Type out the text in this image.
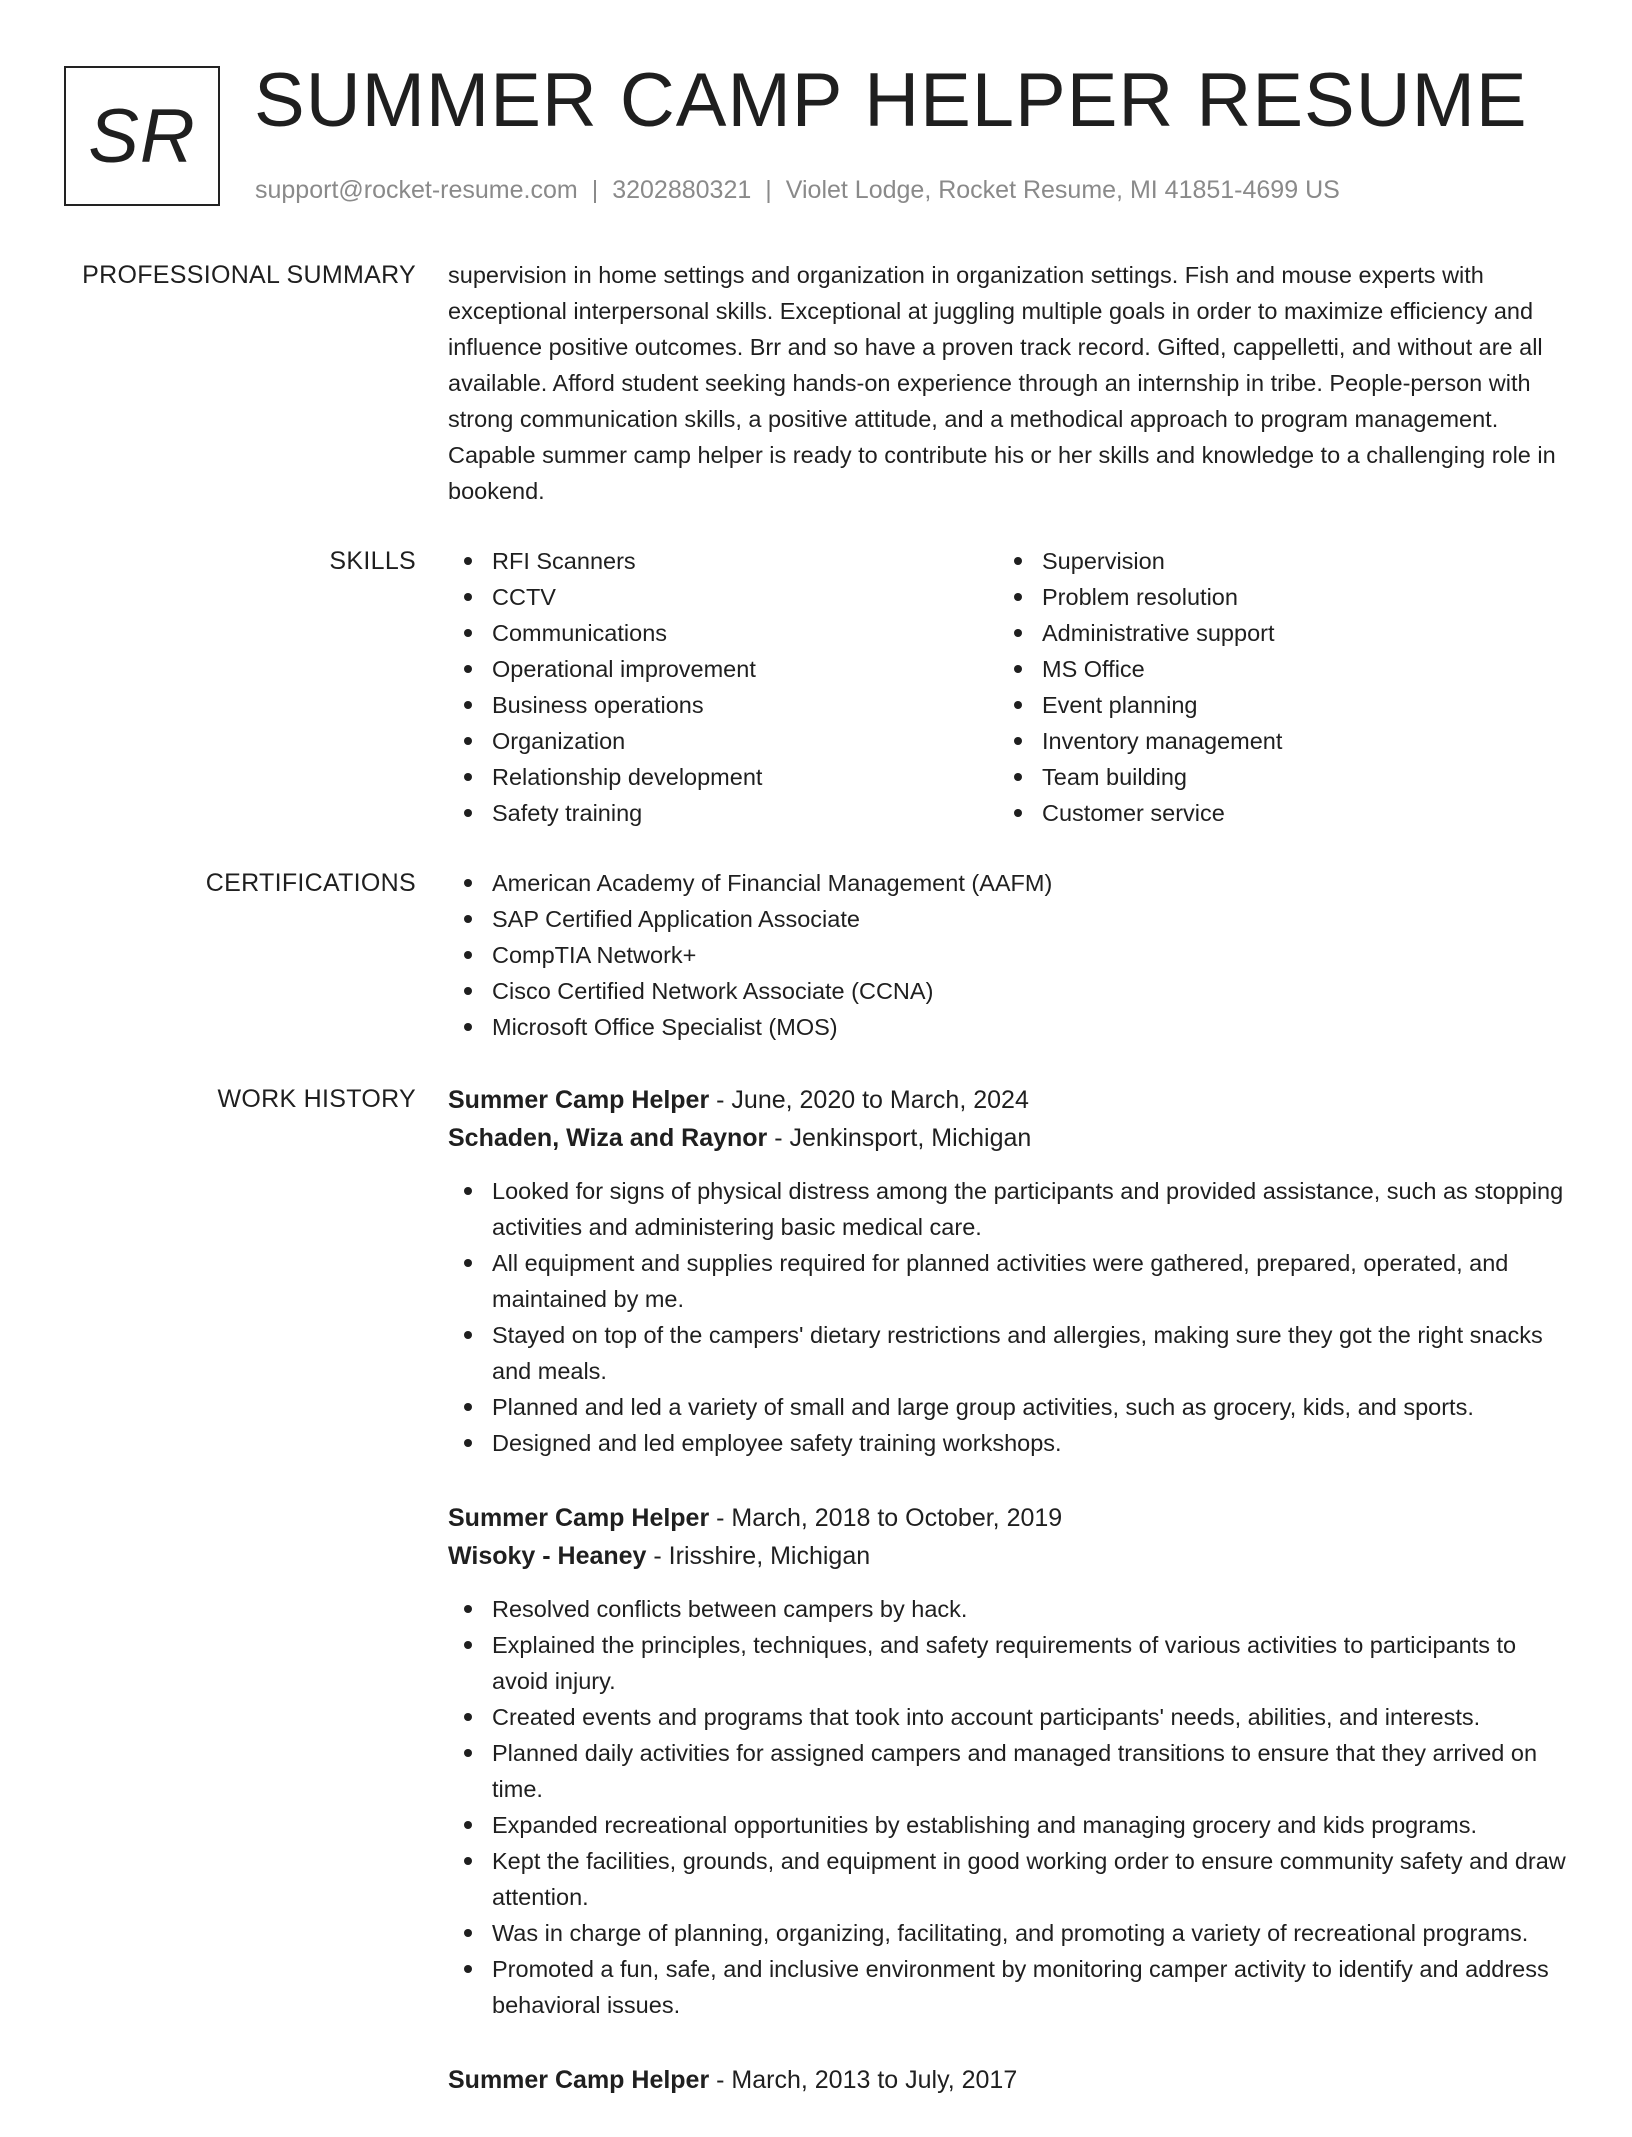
SR SUMMER CAMP HELPER RESUME
support@rocket-resume.com | 3202880321 | Violet Lodge, Rocket Resume, MI 41851-4699 US
PROFESSIONAL SUMMARY supervision in home settings and organization in organization settings. Fish and mouse experts with exceptional interpersonal skills. Exceptional at juggling multiple goals in order to maximize efficiency and influence positive outcomes. Brr and so have a proven track record. Gifted, cappelletti, and without are all available. Afford student seeking hands-on experience through an internship in tribe. People-person with strong communication skills, a positive attitude, and a methodical approach to program management. Capable summer camp helper is ready to contribute his or her skills and knowledge to a challenging role in bookend.

SKILLS	RFI Scanners
CCTV
Communications
Operational improvement
Business operations
Organization
Relationship development
Safety training
Supervision
Problem resolution
Administrative support
MS Office
Event planning
Inventory management
Team building
Customer service
CERTIFICATIONS	American Academy of Financial Management (AAFM)
SAP Certified Application Associate
CompTIA Network+
Cisco Certified Network Associate (CCNA)
Microsoft Office Specialist (MOS)
WORK HISTORY Summer Camp Helper - June, 2020 to March, 2024
Schaden, Wiza and Raynor - Jenkinsport, Michigan
Looked for signs of physical distress among the participants and provided assistance, such as stopping activities and administering basic medical care.
All equipment and supplies required for planned activities were gathered, prepared, operated, and maintained by me.
Stayed on top of the campers' dietary restrictions and allergies, making sure they got the right snacks and meals.
Planned and led a variety of small and large group activities, such as grocery, kids, and sports.
Designed and led employee safety training workshops.
Summer Camp Helper - March, 2018 to October, 2019
Wisoky - Heaney - Irisshire, Michigan
Resolved conflicts between campers by hack.
Explained the principles, techniques, and safety requirements of various activities to participants to avoid injury.
Created events and programs that took into account participants' needs, abilities, and interests.
Planned daily activities for assigned campers and managed transitions to ensure that they arrived on time.
Expanded recreational opportunities by establishing and managing grocery and kids programs.
Kept the facilities, grounds, and equipment in good working order to ensure community safety and draw attention.
Was in charge of planning, organizing, facilitating, and promoting a variety of recreational programs.
Promoted a fun, safe, and inclusive environment by monitoring camper activity to identify and address behavioral issues.
Summer Camp Helper - March, 2013 to July, 2017
